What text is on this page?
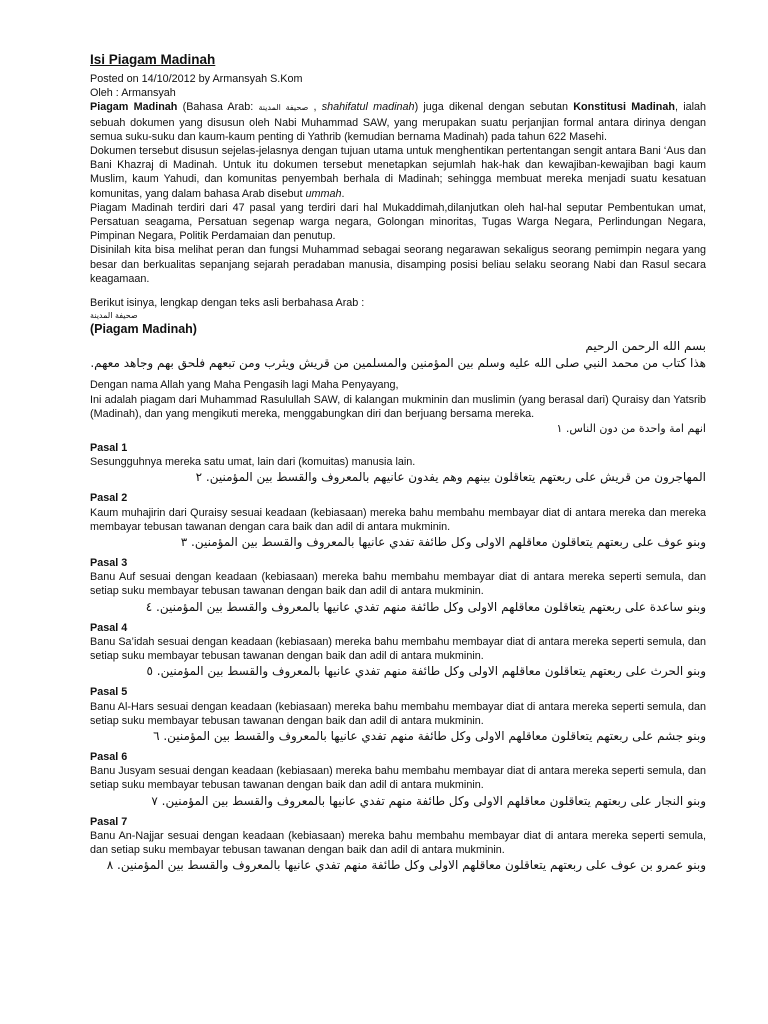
Isi Piagam Madinah
Posted on 14/10/2012 by Armansyah S.Kom
Oleh : Armansyah

Piagam Madinah (Bahasa Arab: صحيفة المدينة , shahifatul madinah) juga dikenal dengan sebutan Konstitusi Madinah, ialah sebuah dokumen yang disusun oleh Nabi Muhammad SAW, yang merupakan suatu perjanjian formal antara dirinya dengan semua suku-suku dan kaum-kaum penting di Yathrib (kemudian bernama Madinah) pada tahun 622 Masehi.

Dokumen tersebut disusun sejelas-jelasnya dengan tujuan utama untuk menghentikan pertentangan sengit antara Bani ‘Aus dan Bani Khazraj di Madinah. Untuk itu dokumen tersebut menetapkan sejumlah hak-hak dan kewajiban-kewajiban bagi kaum Muslim, kaum Yahudi, dan komunitas penyembah berhala di Madinah; sehingga membuat mereka menjadi suatu kesatuan komunitas, yang dalam bahasa Arab disebut ummah.

Piagam Madinah terdiri dari 47 pasal yang terdiri dari hal Mukaddimah,dilanjutkan oleh hal-hal seputar Pembentukan umat, Persatuan seagama, Persatuan segenap warga negara, Golongan minoritas, Tugas Warga Negara, Perlindungan Negara, Pimpinan Negara, Politik Perdamaian dan penutup.

Disinilah kita bisa melihat peran dan fungsi Muhammad sebagai seorang negarawan sekaligus seorang pemimpin negara yang besar dan berkualitas sepanjang sejarah peradaban manusia, disamping posisi beliau selaku seorang Nabi dan Rasul secara keagamaan.

Berikut isinya, lengkap dengan teks asli berbahasa Arab :

صحيفة المدينة
(Piagam Madinah)
بسم الله الرحمن الرحيم
هذا كتاب من محمد النبي صلى الله عليه وسلم بين المؤمنين والمسلمين من قريش ويثرب ومن تبعهم فلحق بهم وجاهد معهم.

Dengan nama Allah yang Maha Pengasih lagi Maha Penyayang,

Ini adalah piagam dari Muhammad Rasulullah SAW, di kalangan mukminin dan muslimin (yang berasal dari) Quraisy dan Yatsrib (Madinah), dan yang mengikuti mereka, menggabungkan diri dan berjuang bersama mereka.

انهم امة واحدة من دون الناس. ١
Pasal 1

Sesungguhnya mereka satu umat, lain dari (komuitas) manusia lain.

المهاجرون من قريش على ربعتهم يتعاقلون بينهم وهم يفدون عانيهم بالمعروف والقسط بين المؤمنين. ٢
Pasal 2

Kaum muhajirin dari Quraisy sesuai keadaan (kebiasaan) mereka bahu membahu membayar diat di antara mereka dan mereka membayar tebusan tawanan dengan cara baik dan adil di antara mukminin.

وبنو عوف على ربعتهم يتعاقلون معاقلهم الاولى وكل طائفة تفدي عانيها بالمعروف والقسط بين المؤمنين. ٣
Pasal 3

Banu Auf sesuai dengan keadaan (kebiasaan) mereka bahu membahu membayar diat di antara mereka seperti semula, dan setiap suku membayar tebusan tawanan dengan baik dan adil di antara mukminin.

وبنو ساعدة على ربعتهم يتعاقلون معاقلهم الاولى وكل طائفة منهم تفدي عانيها بالمعروف والقسط بين المؤمنين. ٤
Pasal 4

Banu Sa’idah sesuai dengan keadaan (kebiasaan) mereka bahu membahu membayar diat di antara mereka seperti semula, dan setiap suku membayar tebusan tawanan dengan baik dan adil di antara mukminin.

وبنو الحرث على ربعتهم يتعاقلون معاقلهم الاولى وكل طائفة منهم تفدي عانيها بالمعروف والقسط بين المؤمنين. ٥
Pasal 5

Banu Al-Hars sesuai dengan keadaan (kebiasaan) mereka bahu membahu membayar diat di antara mereka seperti semula, dan setiap suku membayar tebusan tawanan dengan baik dan adil di antara mukminin.

وبنو جشم على ربعتهم يتعاقلون معاقلهم الاولى وكل طائفة منهم تفدي عانيها بالمعروف والقسط بين المؤمنين. ٦
Pasal 6

Banu Jusyam sesuai dengan keadaan (kebiasaan) mereka bahu membahu membayar diat di antara mereka seperti semula, dan setiap suku membayar tebusan tawanan dengan baik dan adil di antara mukminin.

وبنو النجار على ربعتهم يتعاقلون معاقلهم الاولى وكل طائفة منهم تفدي عانيها بالمعروف والقسط بين المؤمنين. ٧
Pasal 7

Banu An-Najjar sesuai dengan keadaan (kebiasaan) mereka bahu membahu membayar diat di antara mereka seperti semula, dan setiap suku membayar tebusan tawanan dengan baik dan adil di antara mukminin.

وبنو عمرو بن عوف على ربعتهم يتعاقلون معاقلهم الاولى وكل طائفة منهم تفدي عانيها بالمعروف والقسط بين المؤمنين. ٨
